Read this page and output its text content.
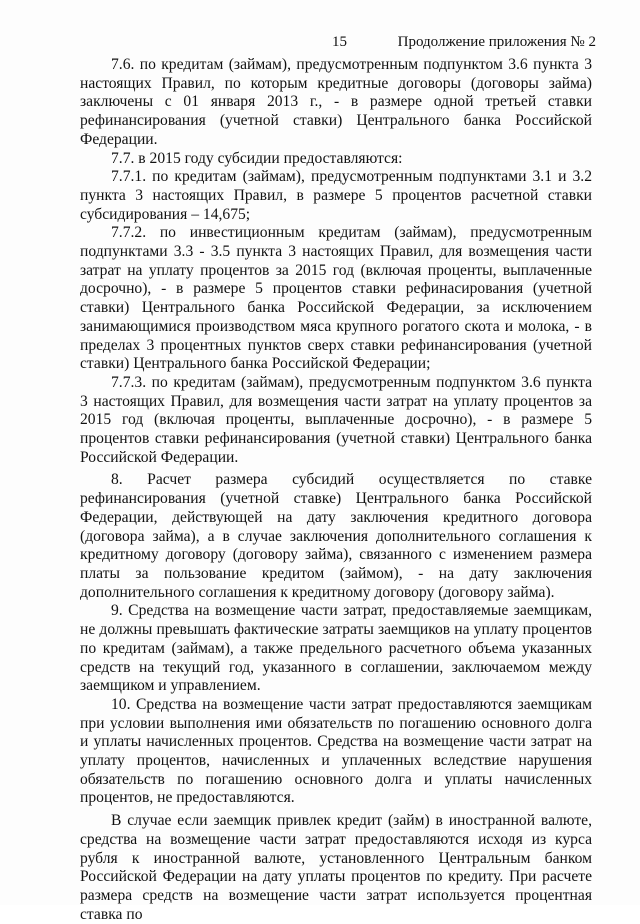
15	Продолжение приложения № 2

7.6. по кредитам (займам), предусмотренным подпунктом 3.6 пункта 3 настоящих Правил, по которым кредитные договоры (договоры займа) заключены с 01 января 2013 г., - в размере одной третьей ставки рефинансирования (учетной ставки) Центрального банка Российской Федерации.

7.7. в 2015 году субсидии предоставляются:

7.7.1. по кредитам (займам), предусмотренным подпунктами 3.1 и 3.2 пункта 3 настоящих Правил, в размере 5 процентов расчетной ставки субсидирования – 14,675;

7.7.2. по инвестиционным кредитам (займам), предусмотренным подпунктами 3.3 - 3.5 пункта 3 настоящих Правил, для возмещения части затрат на уплату процентов за 2015 год (включая проценты, выплаченные досрочно), - в размере 5 процентов ставки рефинасирования (учетной ставки) Центрального банка Российской Федерации, за исключением занимающимися производством мяса крупного рогатого скота и молока, - в пределах 3 процентных пунктов сверх ставки рефинансирования (учетной ставки) Центрального банка Российской Федерации;

7.7.3. по кредитам (займам), предусмотренным подпунктом 3.6 пункта 3 настоящих Правил, для возмещения части затрат на уплату процентов за 2015 год (включая проценты, выплаченные досрочно), - в размере 5 процентов ставки рефинансирования (учетной ставки) Центрального банка Российской Федерации.

8. Расчет размера субсидий осуществляется по ставке рефинансирования (учетной ставке) Центрального банка Российской Федерации, действующей на дату заключения кредитного договора (договора займа), а в случае заключения дополнительного соглашения к кредитному договору (договору займа), связанного с изменением размера платы за пользование кредитом (займом), - на дату заключения дополнительного соглашения к кредитному договору (договору займа).

9. Средства на возмещение части затрат, предоставляемые заемщикам, не должны превышать фактические затраты заемщиков на уплату процентов по кредитам (займам), а также предельного расчетного объема указанных средств на текущий год, указанного в соглашении, заключаемом между заемщиком и управлением.

10. Средства на возмещение части затрат предоставляются заемщикам при условии выполнения ими обязательств по погашению основного долга и уплаты начисленных процентов. Средства на возмещение части затрат на уплату процентов, начисленных и уплаченных вследствие нарушения обязательств по погашению основного долга и уплаты начисленных процентов, не предоставляются.

В случае если заемщик привлек кредит (займ) в иностранной валюте, средства на возмещение части затрат предоставляются исходя из курса рубля к иностранной валюте, установленного Центральным банком Российской Федерации на дату уплаты процентов по кредиту. При расчете размера средств на возмещение части затрат используется процентная ставка по
